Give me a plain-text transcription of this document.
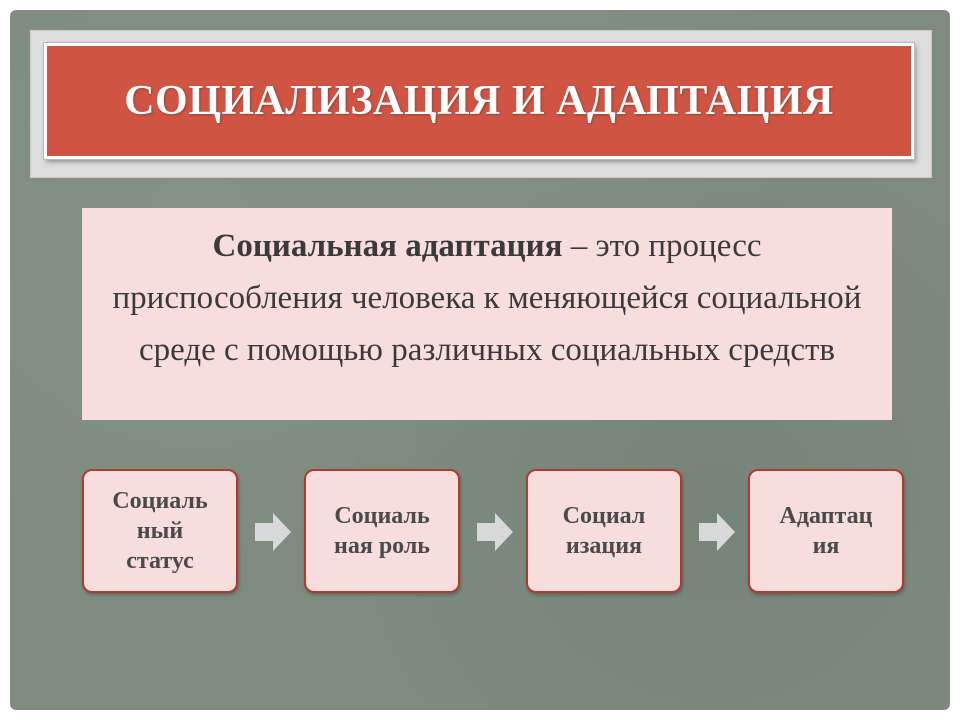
СОЦИАЛИЗАЦИЯ И АДАПТАЦИЯ
Социальная адаптация – это процесс приспособления человека к меняющейся социальной среде с помощью различных социальных средств
Социаль
ный
статус
Социаль
ная роль
Социал
изация
Адаптац
ия
